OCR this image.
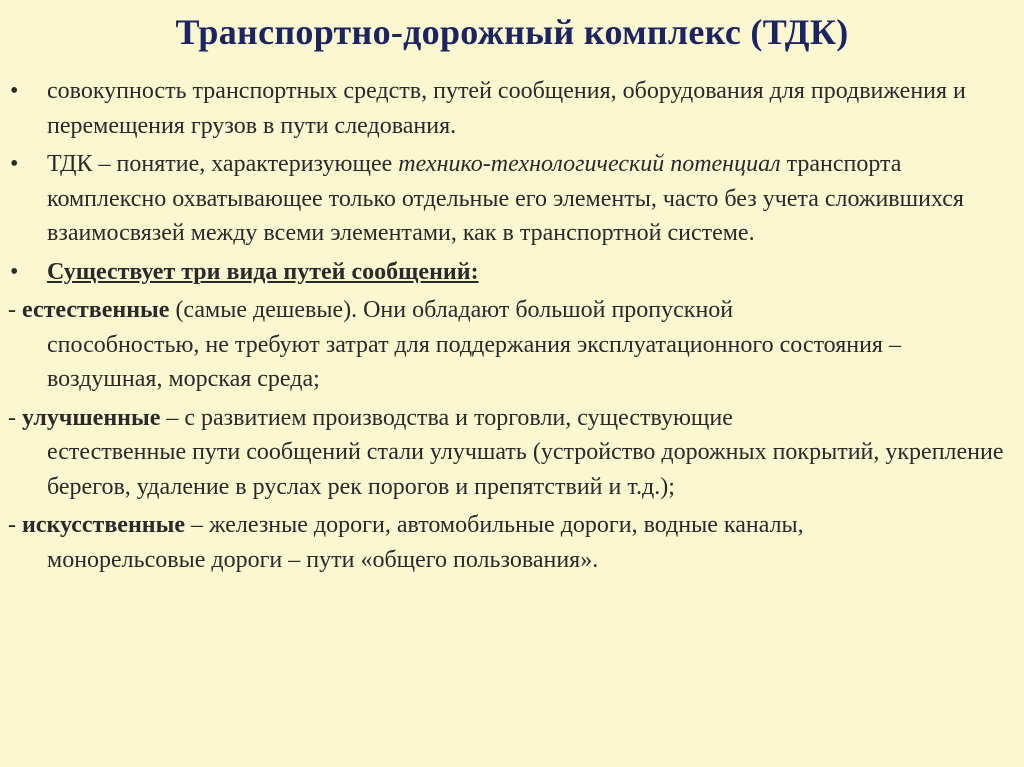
Транспортно-дорожный комплекс (ТДК)
• совокупность транспортных средств, путей сообщения, оборудования для продвижения и перемещения грузов в пути следования.
• ТДК – понятие, характеризующее технико-технологический потенциал транспорта комплексно охватывающее только отдельные его элементы, часто без учета сложившихся взаимосвязей между всеми элементами, как в транспортной системе.
• Существует три вида путей сообщений:
- естественные (самые дешевые). Они обладают большой пропускной
способностью, не требуют затрат для поддержания эксплуатационного состояния – воздушная, морская среда;
- улучшенные – с развитием производства и торговли, существующие
естественные пути сообщений стали улучшать (устройство дорожных покрытий, укрепление берегов, удаление в руслах рек порогов и препятствий и т.д.);
- искусственные – железные дороги, автомобильные дороги, водные каналы,
монорельсовые дороги – пути «общего пользования».
